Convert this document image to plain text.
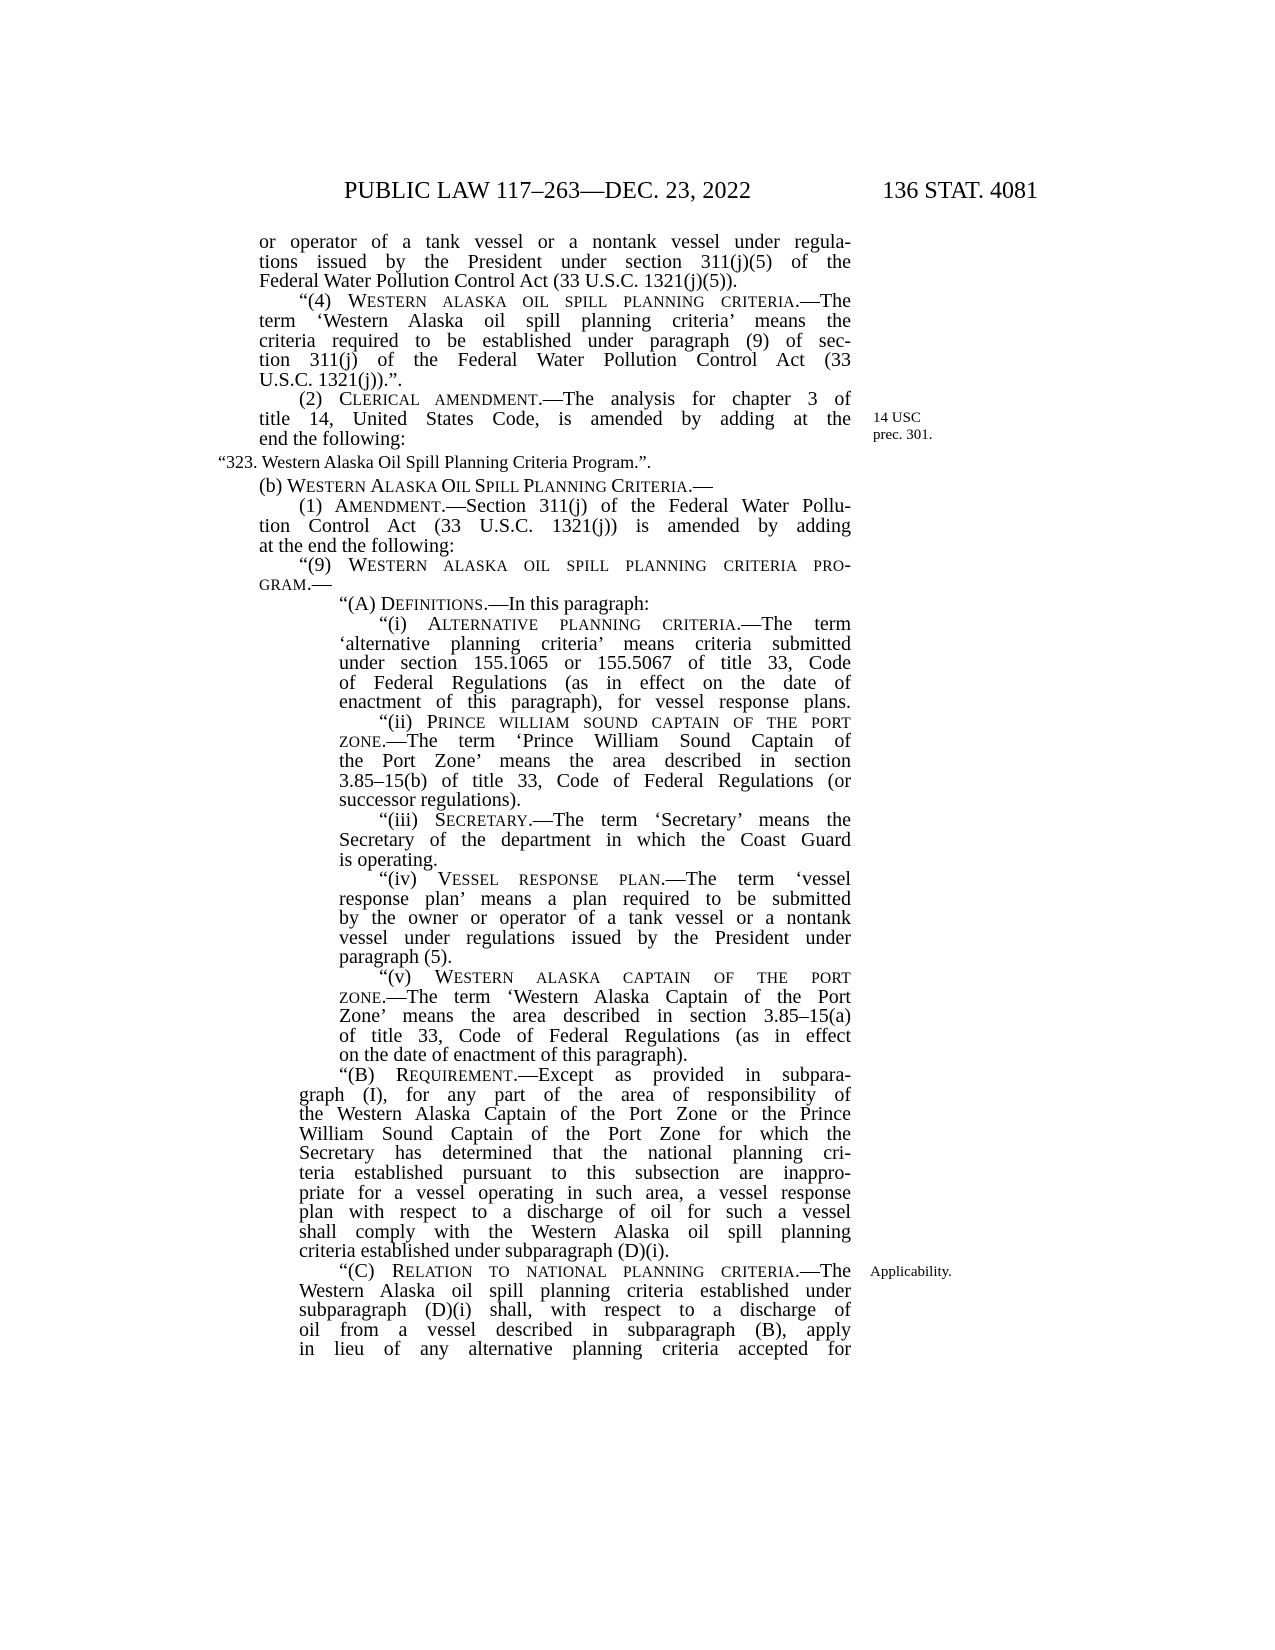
PUBLIC LAW 117–263—DEC. 23, 2022	136 STAT. 4081
or operator of a tank vessel or a nontank vessel under regula-
tions issued by the President under section 311(j)(5) of the
Federal Water Pollution Control Act (33 U.S.C. 1321(j)(5)).
“(4) WESTERN ALASKA OIL SPILL PLANNING CRITERIA.—The
term ‘Western Alaska oil spill planning criteria’ means the
criteria required to be established under paragraph (9) of sec-
tion 311(j) of the Federal Water Pollution Control Act (33
U.S.C. 1321(j)).”.
(2) CLERICAL AMENDMENT.—The analysis for chapter 3 of
title 14, United States Code, is amended by adding at the
end the following:
“323. Western Alaska Oil Spill Planning Criteria Program.”.
(b) WESTERN ALASKA OIL SPILL PLANNING CRITERIA.—
(1) AMENDMENT.—Section 311(j) of the Federal Water Pollu-
tion Control Act (33 U.S.C. 1321(j)) is amended by adding
at the end the following:
“(9) WESTERN ALASKA OIL SPILL PLANNING CRITERIA PRO-
GRAM.—
“(A) DEFINITIONS.—In this paragraph:
“(i) ALTERNATIVE PLANNING CRITERIA.—The term
‘alternative planning criteria’ means criteria submitted
under section 155.1065 or 155.5067 of title 33, Code
of Federal Regulations (as in effect on the date of
enactment of this paragraph), for vessel response plans.
“(ii) PRINCE WILLIAM SOUND CAPTAIN OF THE PORT
ZONE.—The term ‘Prince William Sound Captain of
the Port Zone’ means the area described in section
3.85–15(b) of title 33, Code of Federal Regulations (or
successor regulations).
“(iii) SECRETARY.—The term ‘Secretary’ means the
Secretary of the department in which the Coast Guard
is operating.
“(iv) VESSEL RESPONSE PLAN.—The term ‘vessel
response plan’ means a plan required to be submitted
by the owner or operator of a tank vessel or a nontank
vessel under regulations issued by the President under
paragraph (5).
“(v) WESTERN ALASKA CAPTAIN OF THE PORT
ZONE.—The term ‘Western Alaska Captain of the Port
Zone’ means the area described in section 3.85–15(a)
of title 33, Code of Federal Regulations (as in effect
on the date of enactment of this paragraph).
“(B) REQUIREMENT.—Except as provided in subpara-
graph (I), for any part of the area of responsibility of
the Western Alaska Captain of the Port Zone or the Prince
William Sound Captain of the Port Zone for which the
Secretary has determined that the national planning cri-
teria established pursuant to this subsection are inappro-
priate for a vessel operating in such area, a vessel response
plan with respect to a discharge of oil for such a vessel
shall comply with the Western Alaska oil spill planning
criteria established under subparagraph (D)(i).
“(C) RELATION TO NATIONAL PLANNING CRITERIA.—The
Western Alaska oil spill planning criteria established under
subparagraph (D)(i) shall, with respect to a discharge of
oil from a vessel described in subparagraph (B), apply
in lieu of any alternative planning criteria accepted for
14 USC
prec. 301.
Applicability.
